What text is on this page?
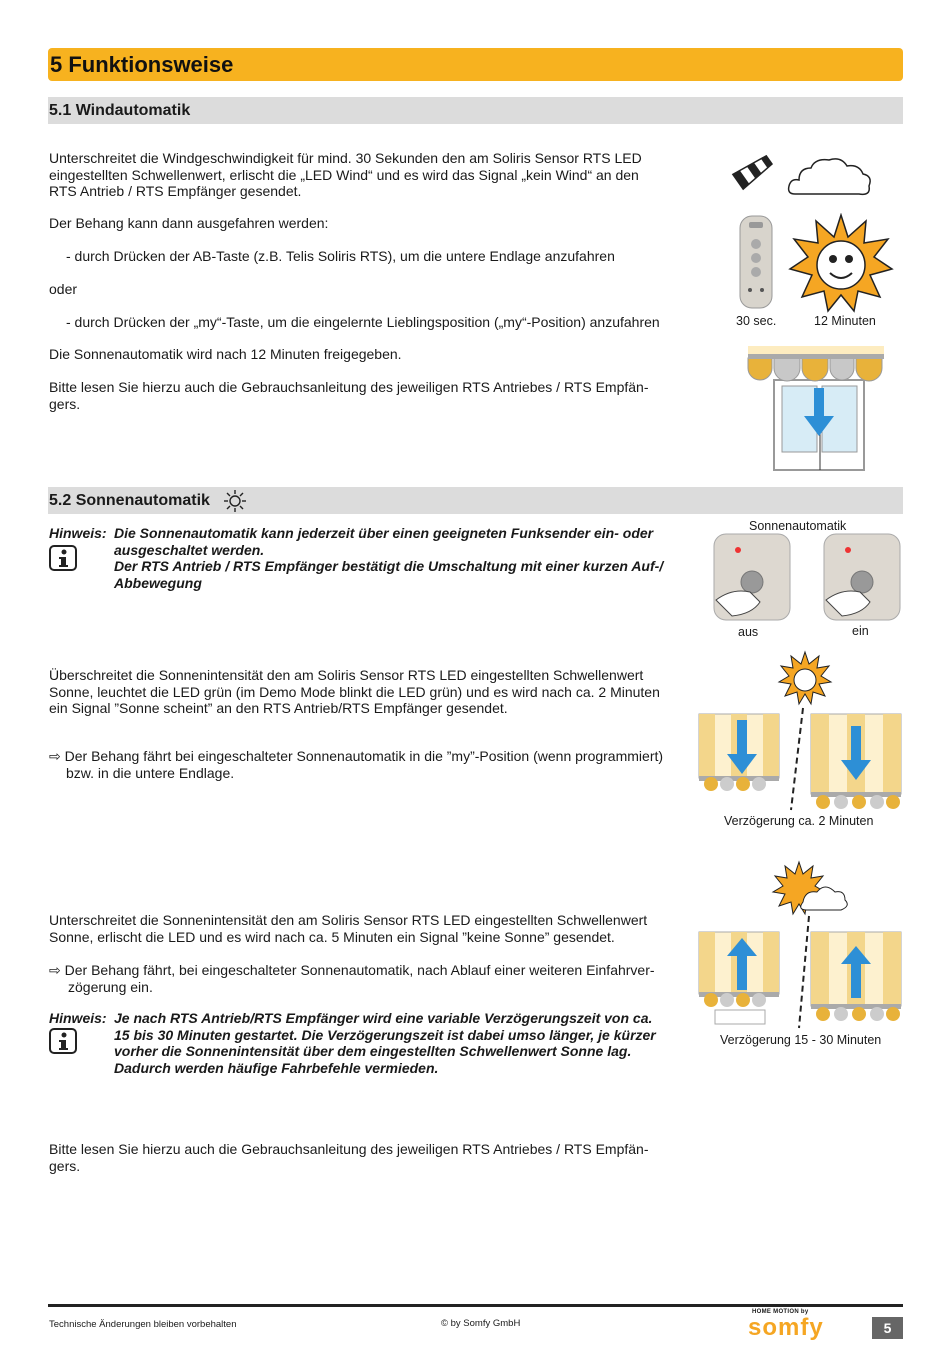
5 Funktionsweise
5.1 Windautomatik
Unterschreitet die Windgeschwindigkeit für mind. 30 Sekunden den am Soliris Sensor RTS LED
eingestellten Schwellenwert, erlischt die „LED Wind“ und es wird das Signal „kein Wind“ an den
RTS Antrieb / RTS Empfänger gesendet.
Der Behang kann dann ausgefahren werden:
- durch Drücken der AB-Taste (z.B. Telis Soliris RTS), um die untere Endlage anzufahren
oder
- durch Drücken der „my“-Taste, um die eingelernte Lieblingsposition („my“-Position) anzufahren
Die Sonnenautomatik wird nach 12 Minuten freigegeben.
Bitte lesen Sie hierzu auch die Gebrauchsanleitung des jeweiligen RTS Antriebes / RTS Empfän-
gers.
30 sec.	12 Minuten
5.2 Sonnenautomatik
Hinweis: Die Sonnenautomatik kann jederzeit über einen geeigneten Funksender ein- oder
ausgeschaltet werden.
Der RTS Antrieb / RTS Empfänger bestätigt die Umschaltung mit einer kurzen Auf-/
Abbewegung
Sonnenautomatik
aus	ein
Überschreitet die Sonnenintensität den am Soliris Sensor RTS LED eingestellten Schwellenwert
Sonne, leuchtet die LED grün (im Demo Mode blinkt die LED grün) und es wird nach ca. 2 Minuten
ein Signal ”Sonne scheint” an den RTS Antrieb/RTS Empfänger gesendet.
⇨ Der Behang fährt bei eingeschalteter Sonnenautomatik in die ”my”-Position (wenn programmiert)
bzw. in die untere Endlage.
Verzögerung ca. 2 Minuten
Unterschreitet die Sonnenintensität den am Soliris Sensor RTS LED eingestellten Schwellenwert
Sonne, erlischt die LED und es wird nach ca. 5 Minuten ein Signal ”keine Sonne” gesendet.
⇨ Der Behang fährt, bei eingeschalteter Sonnenautomatik, nach Ablauf einer weiteren Einfahrver-
zögerung ein.
Hinweis: Je nach RTS Antrieb/RTS Empfänger wird eine variable Verzögerungszeit von ca.
15 bis 30 Minuten gestartet. Die Verzögerungszeit ist dabei umso länger, je kürzer
vorher die Sonnenintensität über dem eingestellten Schwellenwert Sonne lag.
Dadurch werden häufige Fahrbefehle vermieden.
Verzögerung 15 - 30 Minuten
Bitte lesen Sie hierzu auch die Gebrauchsanleitung des jeweiligen RTS Antriebes / RTS Empfän-
gers.
Technische Änderungen bleiben vorbehalten	© by Somfy GmbH
HOME MOTION by
somfy	5
